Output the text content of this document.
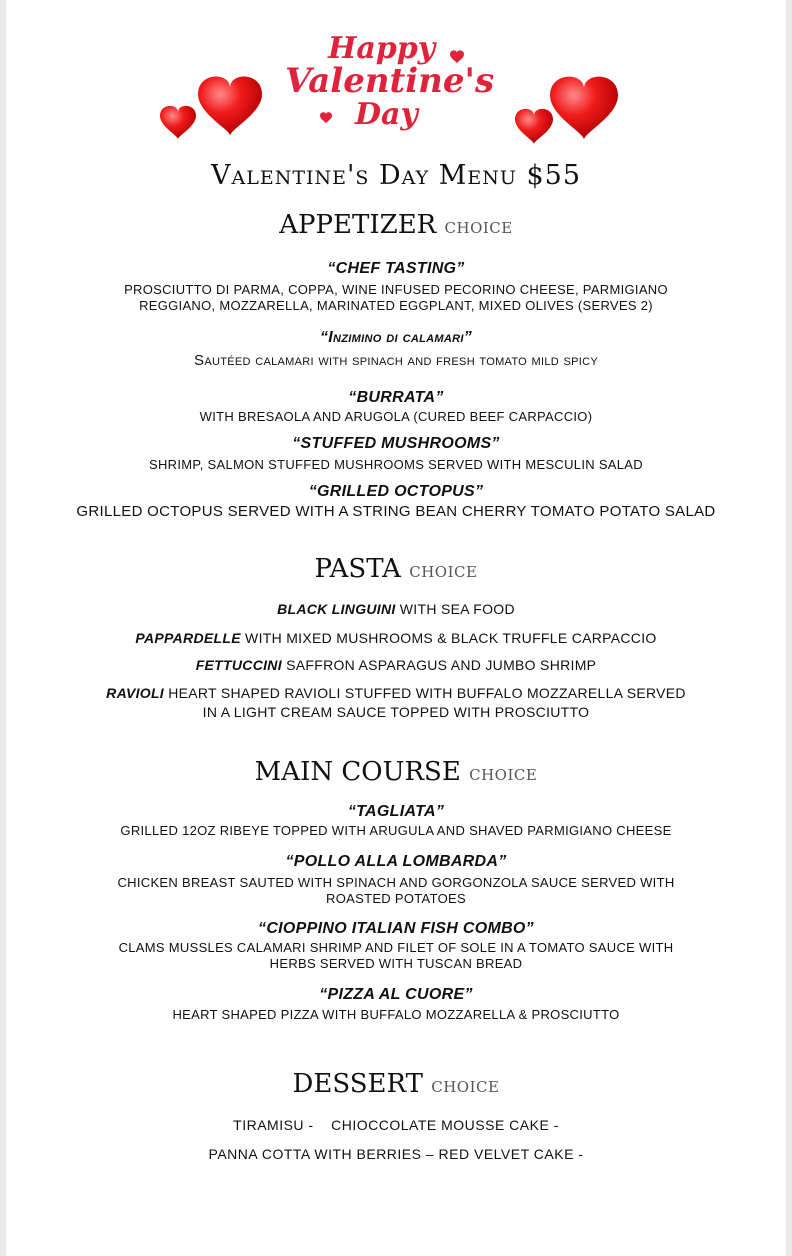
Happy
Valentine's
Day
Valentine's Day Menu $55
APPETIZER CHOICE
“CHEF TASTING”
PROSCIUTTO DI PARMA, COPPA, WINE INFUSED PECORINO CHEESE, PARMIGIANO
REGGIANO, MOZZARELLA, MARINATED EGGPLANT, MIXED OLIVES (SERVES 2)
“Inzimino di calamari”
Sautéed calamari with spinach and fresh tomato mild spicy
“BURRATA”
WITH BRESAOLA AND ARUGOLA (CURED BEEF CARPACCIO)
“STUFFED MUSHROOMS”
SHRIMP, SALMON STUFFED MUSHROOMS SERVED WITH MESCULIN SALAD
“GRILLED OCTOPUS”
GRILLED OCTOPUS SERVED WITH A STRING BEAN CHERRY TOMATO POTATO SALAD
PASTA CHOICE
BLACK LINGUINI WITH SEA FOOD
PAPPARDELLE WITH MIXED MUSHROOMS & BLACK TRUFFLE CARPACCIO
FETTUCCINI SAFFRON ASPARAGUS AND JUMBO SHRIMP
RAVIOLI HEART SHAPED RAVIOLI STUFFED WITH BUFFALO MOZZARELLA SERVED
IN A LIGHT CREAM SAUCE TOPPED WITH PROSCIUTTO
MAIN COURSE CHOICE
“TAGLIATA”
GRILLED 12OZ RIBEYE TOPPED WITH ARUGULA AND SHAVED PARMIGIANO CHEESE
“POLLO ALLA LOMBARDA”
CHICKEN BREAST SAUTED WITH SPINACH AND GORGONZOLA SAUCE SERVED WITH
ROASTED POTATOES
“CIOPPINO ITALIAN FISH COMBO”
CLAMS MUSSLES CALAMARI SHRIMP AND FILET OF SOLE IN A TOMATO SAUCE WITH
HERBS SERVED WITH TUSCAN BREAD
“PIZZA AL CUORE”
HEART SHAPED PIZZA WITH BUFFALO MOZZARELLA & PROSCIUTTO
DESSERT CHOICE
TIRAMISU -    CHIOCCOLATE MOUSSE CAKE -
PANNA COTTA WITH BERRIES – RED VELVET CAKE -
